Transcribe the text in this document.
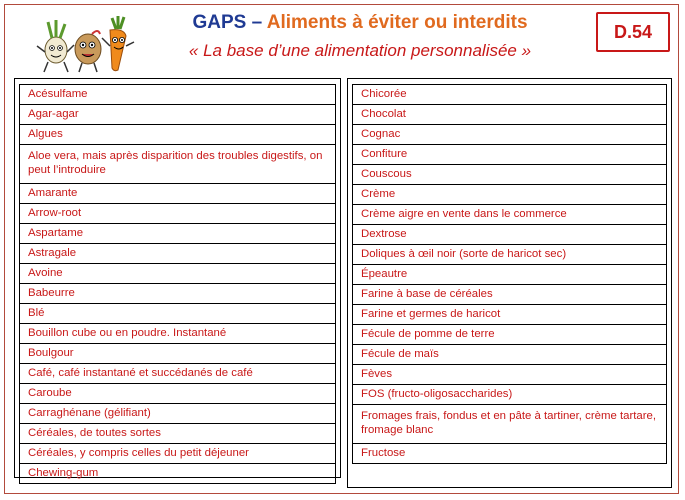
GAPS – Aliments à éviter ou interdits
« La base d’une alimentation personnalisée »
D.54
Acésulfame
Agar-agar
Algues
Aloe vera, mais après disparition des troubles digestifs, on peut l’introduire
Amarante
Arrow-root
Aspartame
Astragale
Avoine
Babeurre
Blé
Bouillon cube ou en poudre. Instantané
Boulgour
Café, café instantané et succédanés de café
Caroube
Carraghénane (gélifiant)
Céréales, de toutes sortes
Céréales, y compris celles du petit déjeuner
Chewing-gum
Chicorée
Chocolat
Cognac
Confiture
Couscous
Crème
Crème aigre en vente dans le commerce
Dextrose
Doliques à œil noir (sorte de haricot sec)
Épeautre
Farine à base de céréales
Farine et germes de haricot
Fécule de pomme de terre
Fécule de maïs
Fèves
FOS (fructo-oligosaccharides)
Fromages frais, fondus et en pâte à tartiner, crème tartare, fromage blanc
Fructose
